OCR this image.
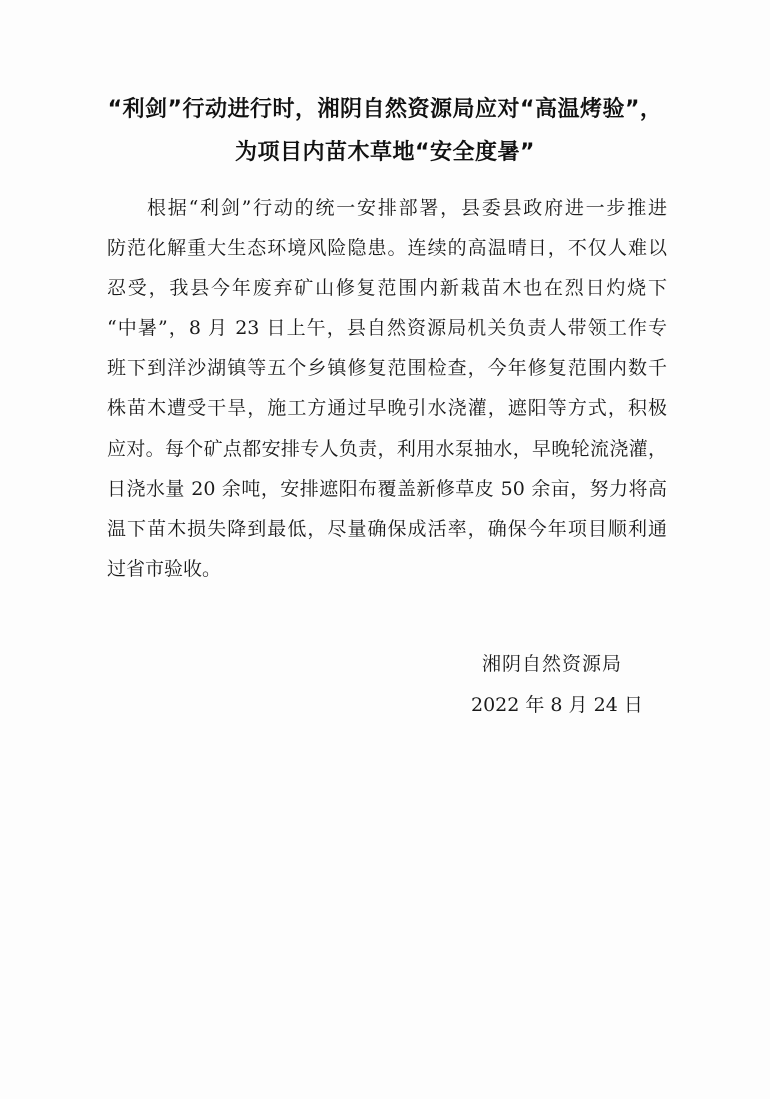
“利剑”行动进行时，湘阴自然资源局应对“高温烤验”，
为项目内苗木草地“安全度暑”
根据“利剑”行动的统一安排部署，县委县政府进一步推进
防范化解重大生态环境风险隐患。连续的高温晴日，不仅人难以
忍受，我县今年废弃矿山修复范围内新栽苗木也在烈日灼烧下
“中暑”，8 月 23 日上午，县自然资源局机关负责人带领工作专
班下到洋沙湖镇等五个乡镇修复范围检查，今年修复范围内数千
株苗木遭受干旱，施工方通过早晚引水浇灌，遮阳等方式，积极
应对。每个矿点都安排专人负责，利用水泵抽水，早晚轮流浇灌，
日浇水量 20 余吨，安排遮阳布覆盖新修草皮 50 余亩，努力将高
温下苗木损失降到最低，尽量确保成活率，确保今年项目顺利通
过省市验收。
湘阴自然资源局
2022 年 8 月 24 日
